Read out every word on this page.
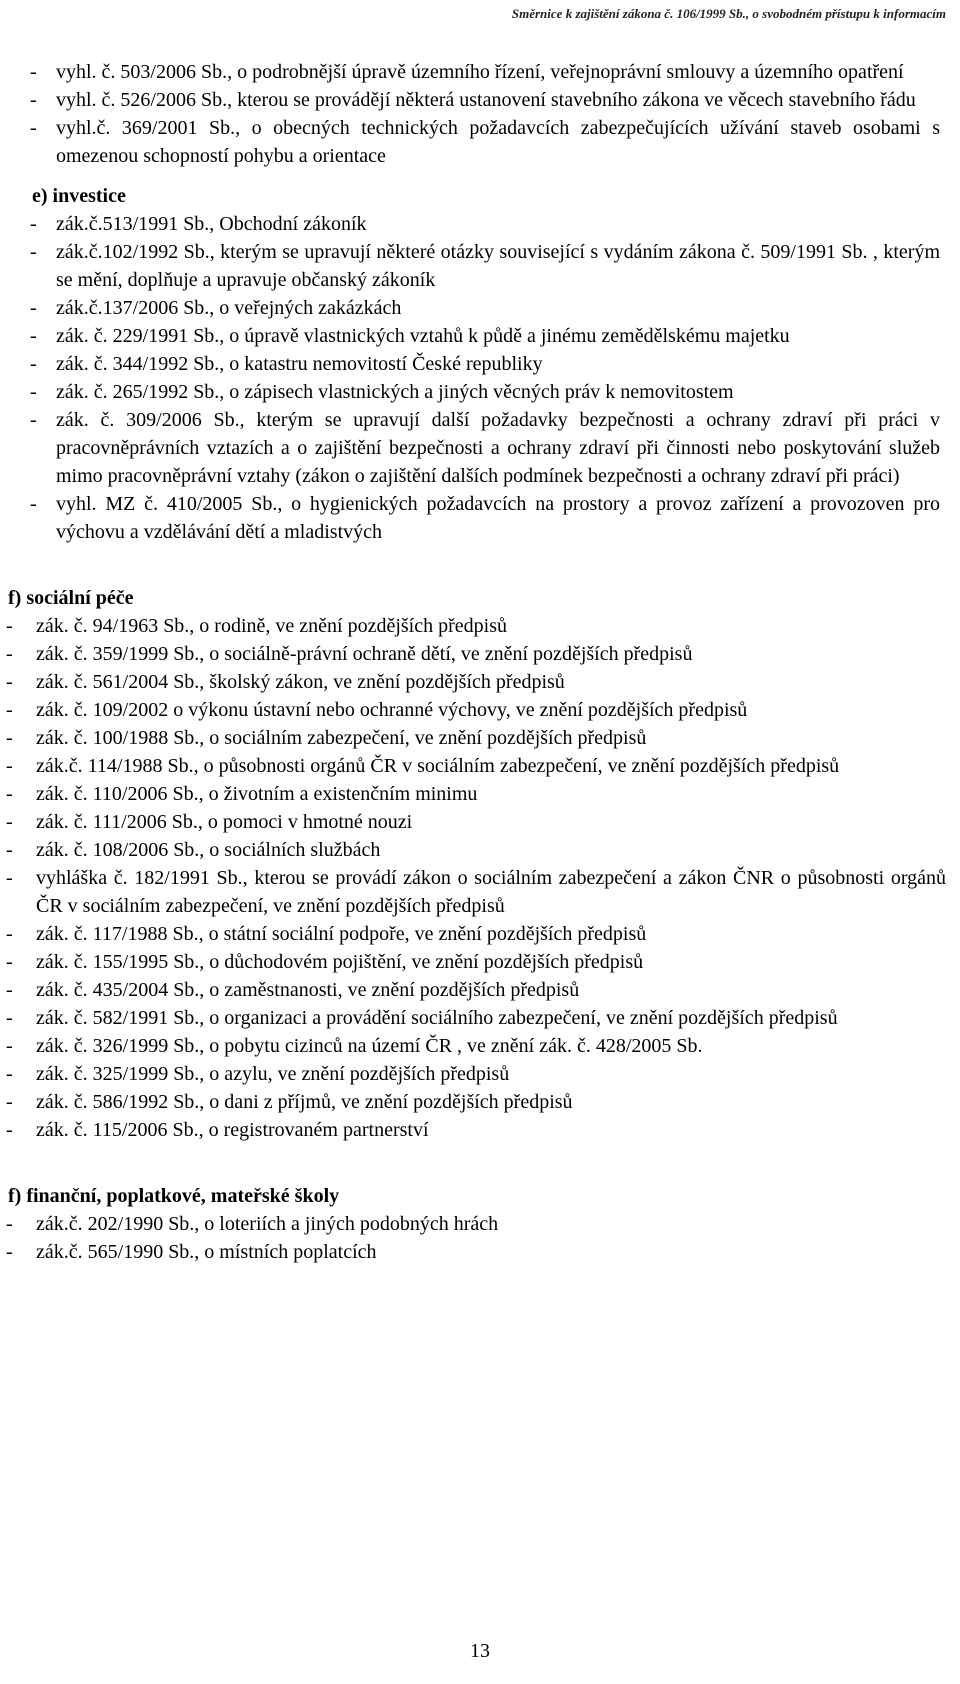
Směrnice k zajištění zákona č. 106/1999 Sb., o svobodném přístupu k informacím

- vyhl. č. 503/2006 Sb., o podrobnější úpravě územního řízení, veřejnoprávní smlouvy a územního opatření

- vyhl. č. 526/2006 Sb., kterou se provádějí některá ustanovení stavebního zákona ve věcech stavebního řádu

- vyhl.č. 369/2001 Sb., o obecných technických požadavcích zabezpečujících užívání staveb osobami s omezenou schopností pohybu a orientace

e) investice

- zák.č.513/1991 Sb., Obchodní zákoník

- zák.č.102/1992 Sb., kterým se upravují některé otázky související s vydáním zákona č. 509/1991 Sb. , kterým se mění, doplňuje a upravuje občanský zákoník

- zák.č.137/2006 Sb., o veřejných zakázkách

- zák. č. 229/1991 Sb., o úpravě vlastnických vztahů k půdě a jinému zemědělskému majetku

- zák. č. 344/1992 Sb., o katastru nemovitostí České republiky

- zák. č. 265/1992 Sb., o zápisech vlastnických a jiných věcných práv k nemovitostem

- zák. č. 309/2006 Sb., kterým se upravují další požadavky bezpečnosti a ochrany zdraví při práci v pracovněprávních vztazích a o zajištění bezpečnosti a ochrany zdraví při činnosti nebo poskytování služeb mimo pracovněprávní vztahy (zákon o zajištění dalších podmínek bezpečnosti a ochrany zdraví při práci)

- vyhl. MZ č. 410/2005 Sb., o hygienických požadavcích na prostory a provoz zařízení a provozoven pro výchovu a vzdělávání dětí a mladistvých

f) sociální péče

- zák. č. 94/1963 Sb., o rodině, ve znění pozdějších předpisů

- zák. č. 359/1999 Sb., o sociálně-právní ochraně dětí, ve znění pozdějších předpisů

- zák. č. 561/2004 Sb., školský zákon, ve znění pozdějších předpisů

- zák. č. 109/2002 o výkonu ústavní nebo ochranné výchovy, ve znění pozdějších předpisů

- zák. č. 100/1988 Sb., o sociálním zabezpečení, ve znění pozdějších předpisů

- zák.č. 114/1988 Sb., o působnosti orgánů ČR v sociálním zabezpečení, ve znění pozdějších předpisů

- zák. č. 110/2006 Sb., o životním a existenčním minimu

- zák. č. 111/2006 Sb., o pomoci v hmotné nouzi

- zák. č. 108/2006 Sb., o sociálních službách

- vyhláška č. 182/1991 Sb., kterou se provádí zákon o sociálním zabezpečení a zákon ČNR o působnosti orgánů ČR v sociálním zabezpečení, ve znění pozdějších předpisů

- zák. č. 117/1988 Sb., o státní sociální podpoře, ve znění pozdějších předpisů

- zák. č. 155/1995 Sb., o důchodovém pojištění, ve znění pozdějších předpisů

- zák. č. 435/2004 Sb., o zaměstnanosti, ve znění pozdějších předpisů

- zák. č. 582/1991 Sb., o organizaci a provádění sociálního zabezpečení, ve znění pozdějších předpisů

- zák. č. 326/1999 Sb., o pobytu cizinců na území ČR , ve znění zák. č. 428/2005 Sb.

- zák. č. 325/1999 Sb., o azylu, ve znění pozdějších předpisů

- zák. č. 586/1992 Sb., o dani z příjmů, ve znění pozdějších předpisů

- zák. č. 115/2006 Sb., o registrovaném partnerství

f) finanční, poplatkové, mateřské školy

- zák.č. 202/1990 Sb., o loteriích a jiných podobných hrách

- zák.č. 565/1990 Sb., o místních poplatcích

13
